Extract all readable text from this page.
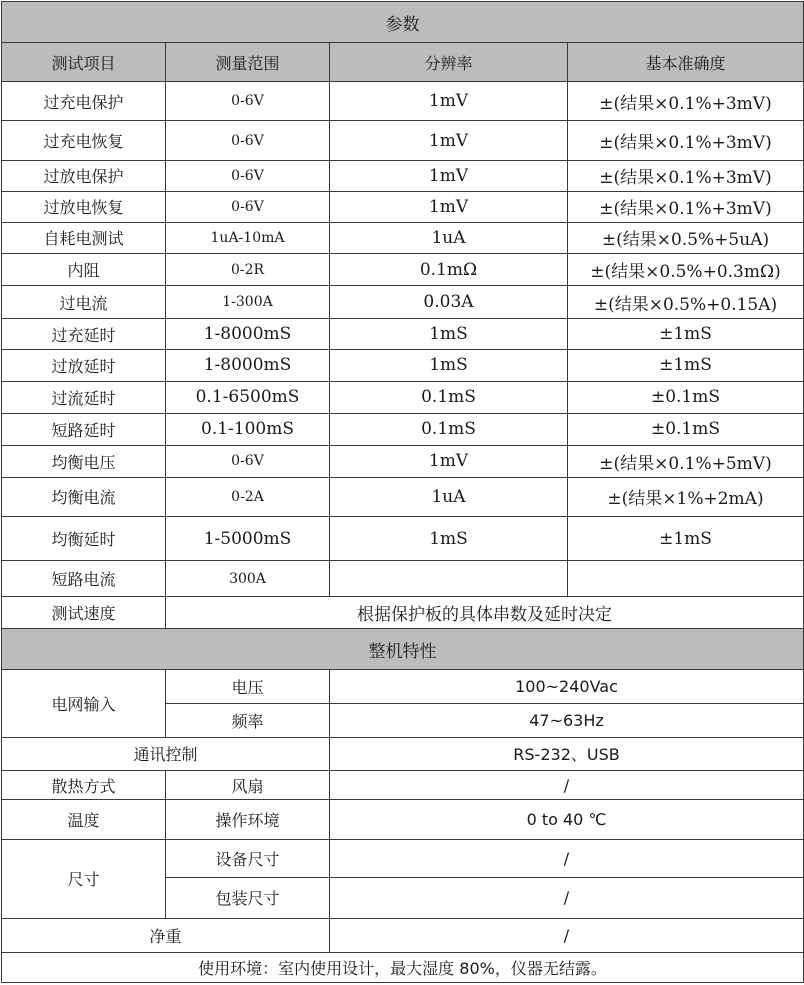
参数			
测试项目	测量范围	分辨率	基本准确度
过充电保护	0-6V	1mV	±(结果×0.1%+3mV)
过充电恢复	0-6V	1mV	±(结果×0.1%+3mV)
过放电保护	0-6V	1mV	±(结果×0.1%+3mV)
过放电恢复	0-6V	1mV	±(结果×0.1%+3mV)
自耗电测试	1uA-10mA	1uA	±(结果×0.5%+5uA)
内阻	0-2R	0.1mΩ	±(结果×0.5%+0.3mΩ)
过电流	1-300A	0.03A	±(结果×0.5%+0.15A)
过充延时	1-8000mS	1mS	±1mS
过放延时	1-8000mS	1mS	±1mS
过流延时	0.1-6500mS	0.1mS	±0.1mS
短路延时	0.1-100mS	0.1mS	±0.1mS
均衡电压	0-6V	1mV	±(结果×0.1%+5mV)
均衡电流	0-2A	1uA	±(结果×1%+2mA)
均衡延时	1-5000mS	1mS	±1mS
短路电流	300A		
测试速度	根据保护板的具体串数及延时决定		
整机特性			
电网输入	电压	100~240Vac	
	频率	47~63Hz	
通讯控制		RS-232、USB	
散热方式	风扇	/	
温度	操作环境	0 to 40 ℃	
尺寸	设备尺寸	/	
	包装尺寸	/	
净重		/	
使用环境：室内使用设计，最大湿度 80%，仪器无结露。			
